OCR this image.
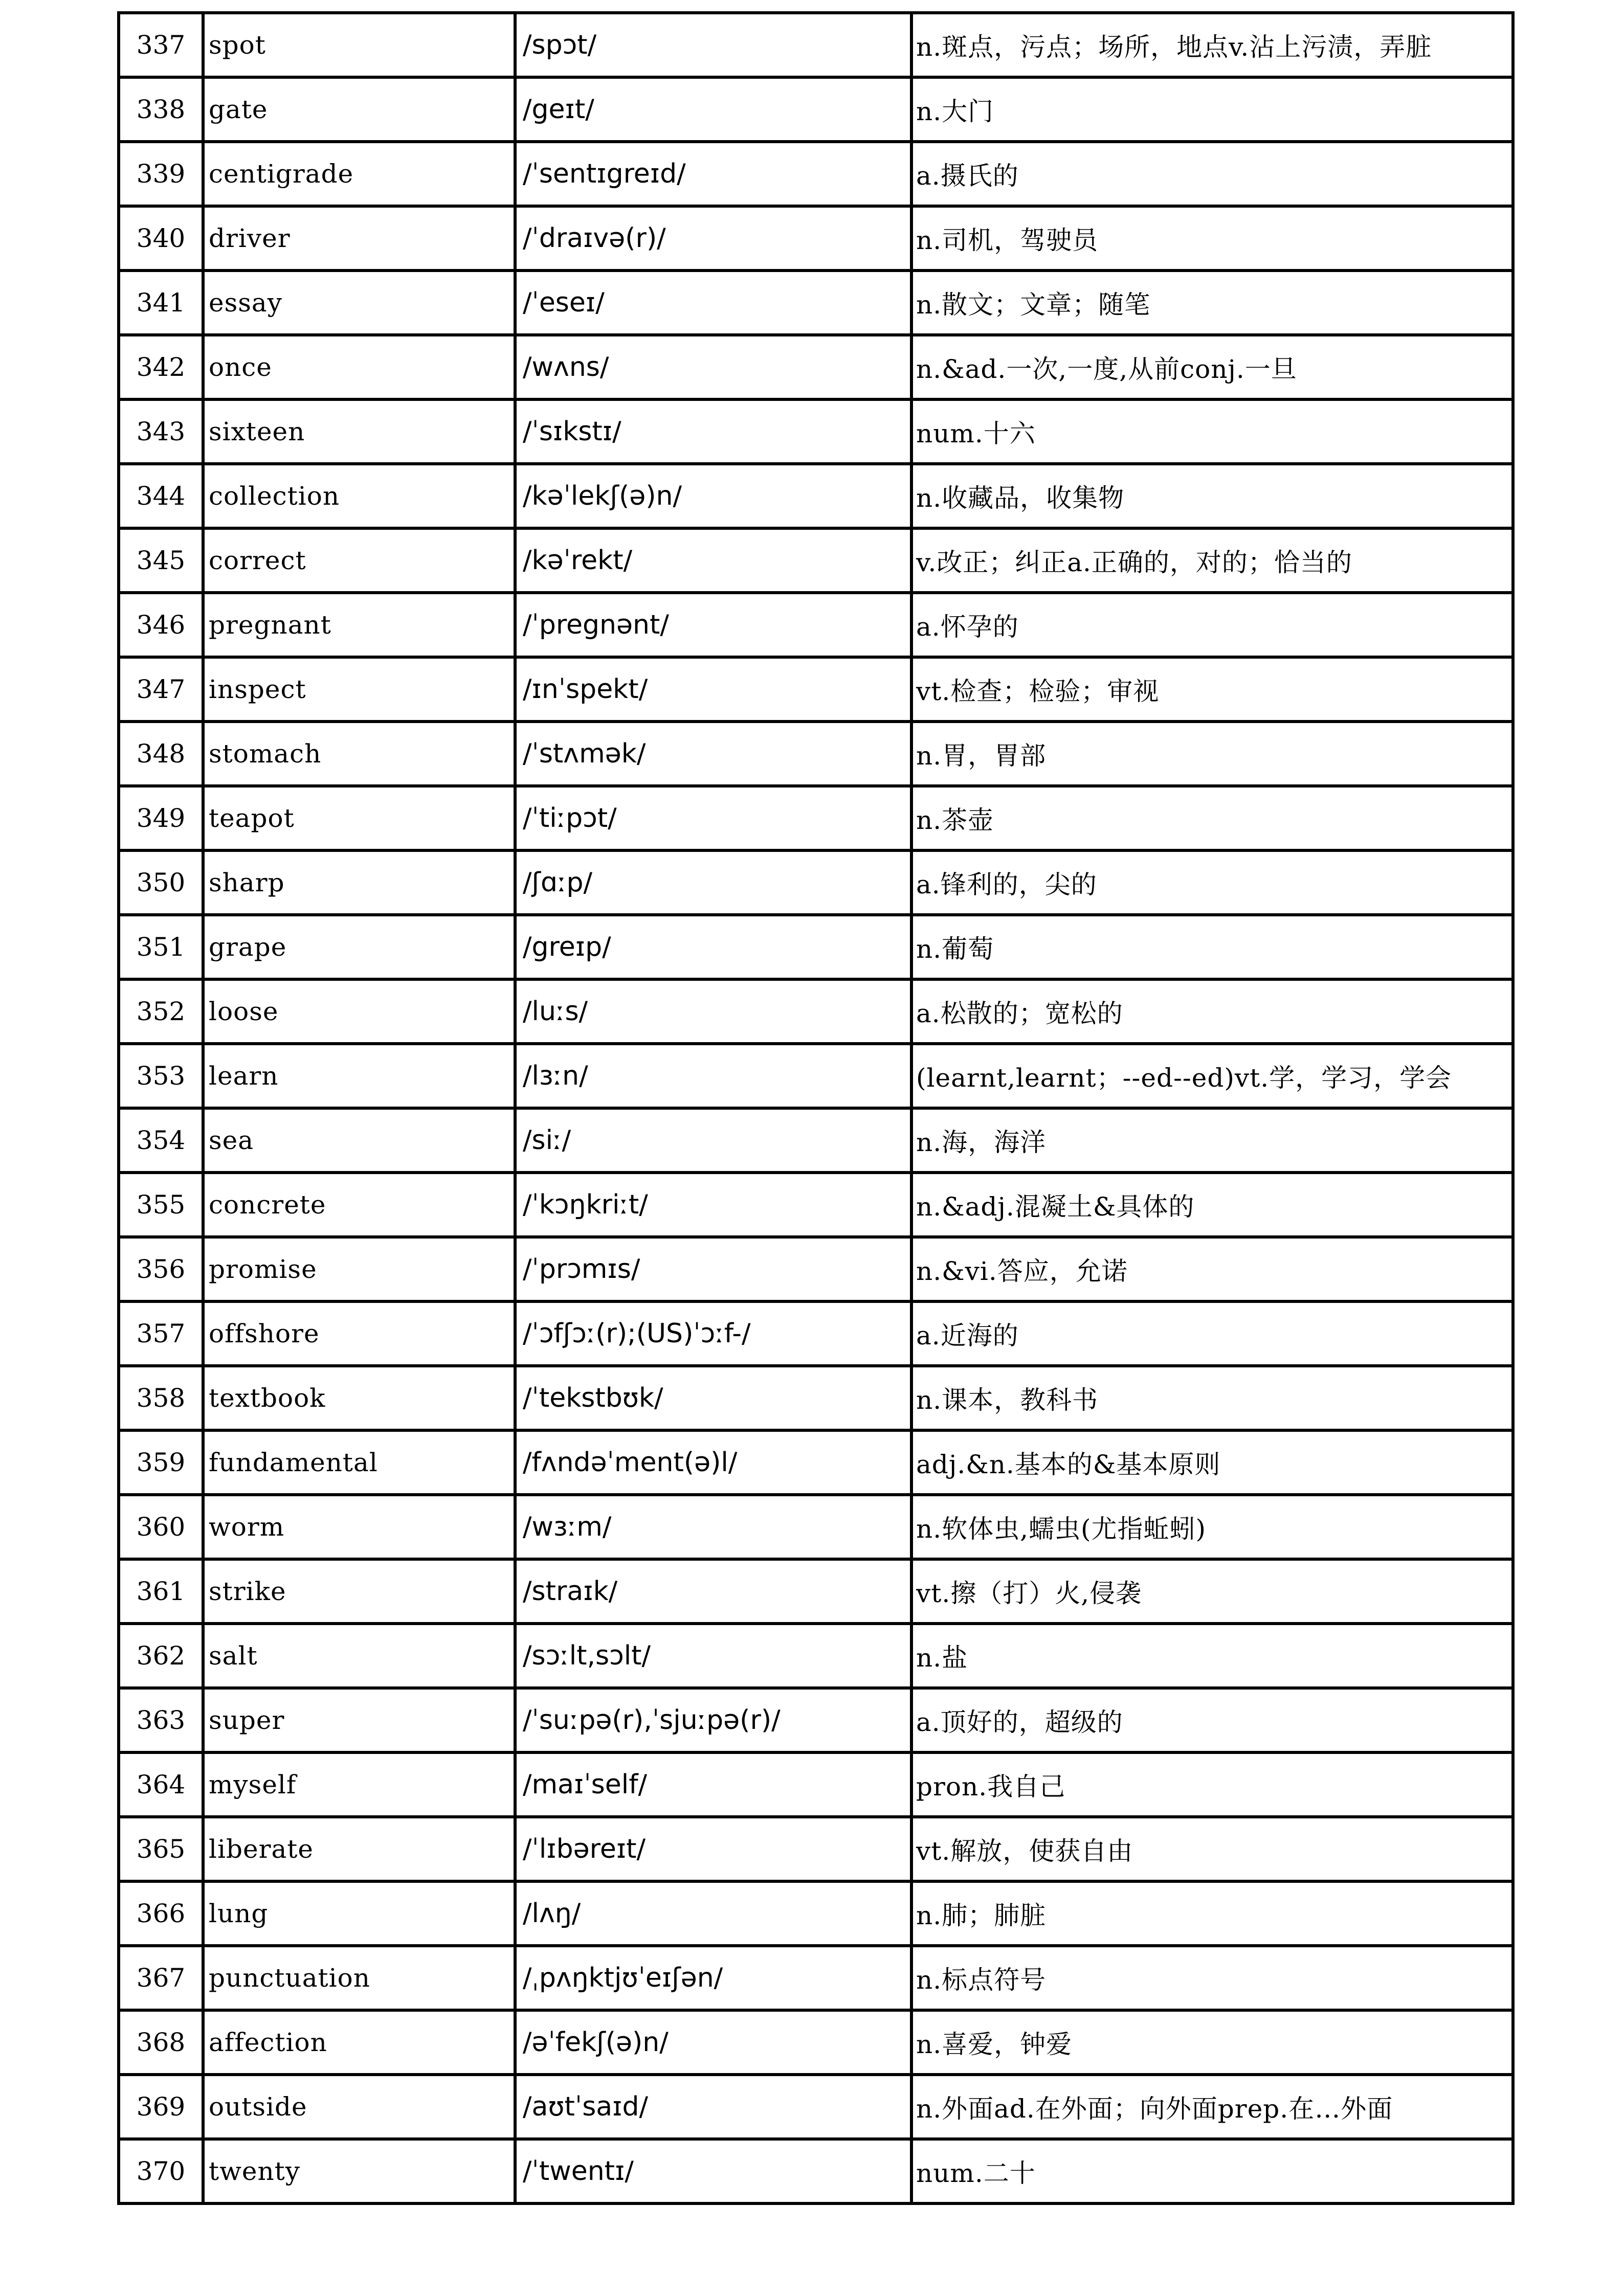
337	spot	/spɔt/	n.斑点，污点；场所，地点v.沾上污渍，弄脏
338	gate	/geɪt/	n.大门
339	centigrade	/ˈsentɪgreɪd/	a.摄氏的
340	driver	/ˈdraɪvə(r)/	n.司机，驾驶员
341	essay	/ˈeseɪ/	n.散文；文章；随笔
342	once	/wʌns/	n.&ad.一次,一度,从前conj.一旦
343	sixteen	/ˈsɪkstɪ/	num.十六
344	collection	/kəˈlekʃ(ə)n/	n.收藏品，收集物
345	correct	/kəˈrekt/	v.改正；纠正a.正确的，对的；恰当的
346	pregnant	/ˈpregnənt/	a.怀孕的
347	inspect	/ɪnˈspekt/	vt.检查；检验；审视
348	stomach	/ˈstʌmək/	n.胃，胃部
349	teapot	/ˈtiːpɔt/	n.茶壶
350	sharp	/ʃɑːp/	a.锋利的，尖的
351	grape	/greɪp/	n.葡萄
352	loose	/luːs/	a.松散的；宽松的
353	learn	/lɜːn/	(learnt,learnt；--ed--ed)vt.学，学习，学会
354	sea	/siː/	n.海，海洋
355	concrete	/ˈkɔŋkriːt/	n.&adj.混凝土&具体的
356	promise	/ˈprɔmɪs/	n.&vi.答应，允诺
357	offshore	/ˈɔfʃɔː(r);(US)ˈɔːf-/	a.近海的
358	textbook	/ˈtekstbʊk/	n.课本，教科书
359	fundamental	/fʌndəˈment(ə)l/	adj.&n.基本的&基本原则
360	worm	/wɜːm/	n.软体虫,蠕虫(尤指蚯蚓)
361	strike	/straɪk/	vt.擦（打）火,侵袭
362	salt	/sɔːlt,sɔlt/	n.盐
363	super	/ˈsuːpə(r),ˈsjuːpə(r)/	a.顶好的，超级的
364	myself	/maɪˈself/	pron.我自己
365	liberate	/ˈlɪbəreɪt/	vt.解放，使获自由
366	lung	/lʌŋ/	n.肺；肺脏
367	punctuation	/ˌpʌŋktjʊˈeɪʃən/	n.标点符号
368	affection	/əˈfekʃ(ə)n/	n.喜爱，钟爱
369	outside	/aʊtˈsaɪd/	n.外面ad.在外面；向外面prep.在…外面
370	twenty	/ˈtwentɪ/	num.二十
